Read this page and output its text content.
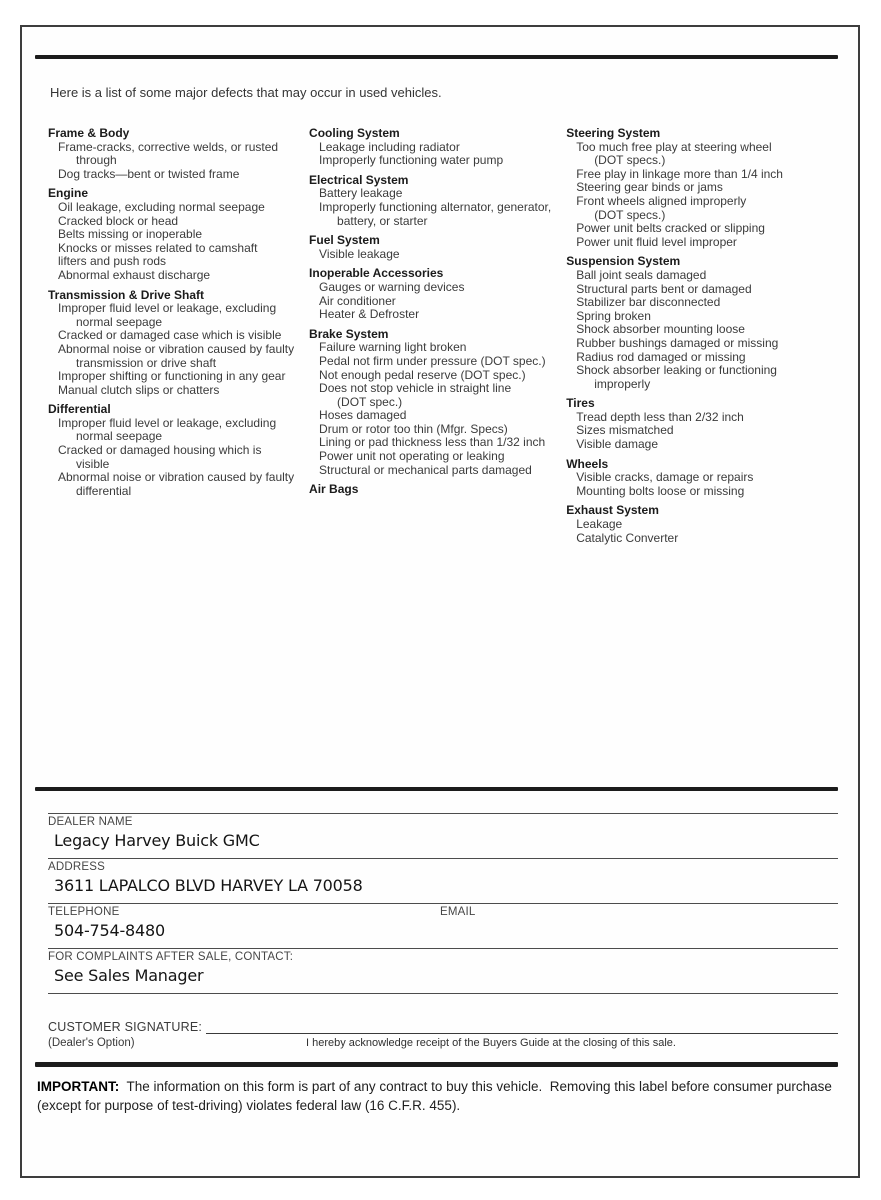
Here is a list of some major defects that may occur in used vehicles.

Frame & Body
Frame-cracks, corrective welds, or rusted
through
Dog tracks—bent or twisted frame
Engine
Oil leakage, excluding normal seepage
Cracked block or head
Belts missing or inoperable
Knocks or misses related to camshaft
lifters and push rods
Abnormal exhaust discharge
Transmission & Drive Shaft
Improper fluid level or leakage, excluding
normal seepage
Cracked or damaged case which is visible
Abnormal noise or vibration caused by faulty
transmission or drive shaft
Improper shifting or functioning in any gear
Manual clutch slips or chatters
Differential
Improper fluid level or leakage, excluding
normal seepage
Cracked or damaged housing which is
visible
Abnormal noise or vibration caused by faulty
differential
Cooling System
Leakage including radiator
Improperly functioning water pump
Electrical System
Battery leakage
Improperly functioning alternator, generator,
battery, or starter
Fuel System
Visible leakage
Inoperable Accessories
Gauges or warning devices
Air conditioner
Heater & Defroster
Brake System
Failure warning light broken
Pedal not firm under pressure (DOT spec.)
Not enough pedal reserve (DOT spec.)
Does not stop vehicle in straight line
(DOT spec.)
Hoses damaged
Drum or rotor too thin (Mfgr. Specs)
Lining or pad thickness less than 1/32 inch
Power unit not operating or leaking
Structural or mechanical parts damaged
Air Bags
Steering System
Too much free play at steering wheel
(DOT specs.)
Free play in linkage more than 1/4 inch
Steering gear binds or jams
Front wheels aligned improperly
(DOT specs.)
Power unit belts cracked or slipping
Power unit fluid level improper
Suspension System
Ball joint seals damaged
Structural parts bent or damaged
Stabilizer bar disconnected
Spring broken
Shock absorber mounting loose
Rubber bushings damaged or missing
Radius rod damaged or missing
Shock absorber leaking or functioning
improperly
Tires
Tread depth less than 2/32 inch
Sizes mismatched
Visible damage
Wheels
Visible cracks, damage or repairs
Mounting bolts loose or missing
Exhaust System
Leakage
Catalytic Converter
DEALER NAME
Legacy Harvey Buick GMC
ADDRESS
3611 LAPALCO BLVD HARVEY LA 70058
TELEPHONE	EMAIL
504-754-8480
FOR COMPLAINTS AFTER SALE, CONTACT:
See Sales Manager
CUSTOMER SIGNATURE:
(Dealer's Option)	I hereby acknowledge receipt of the Buyers Guide at the closing of this sale.

IMPORTANT:  The information on this form is part of any contract to buy this vehicle.  Removing this label before consumer purchase (except for purpose of test-driving) violates federal law (16 C.F.R. 455).
